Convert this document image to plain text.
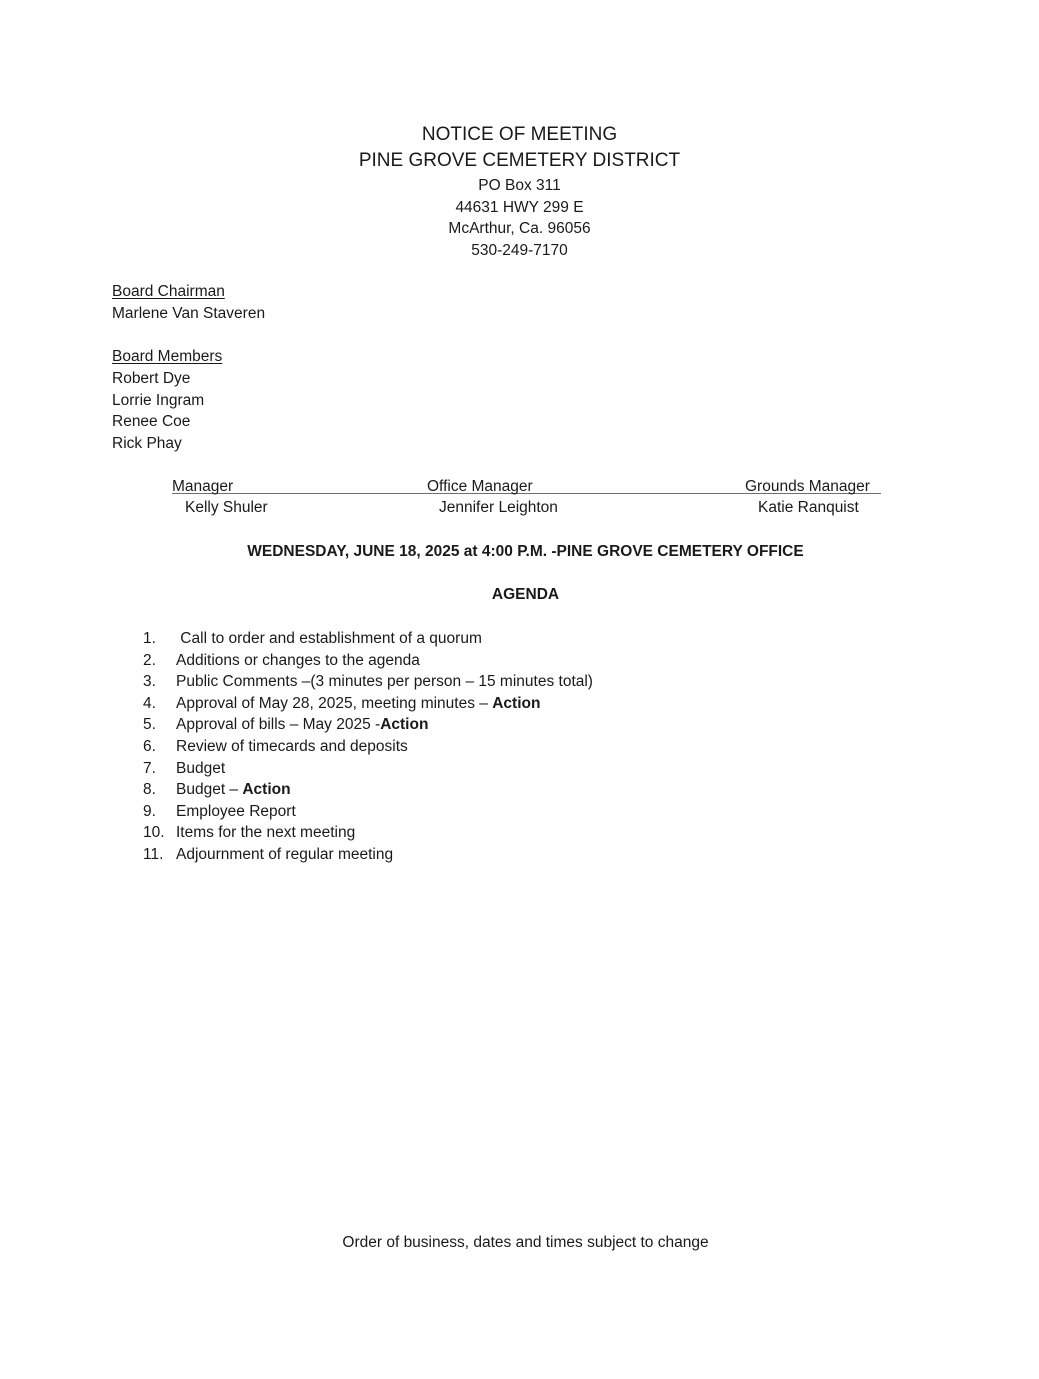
NOTICE OF MEETING
PINE GROVE CEMETERY DISTRICT
PO Box 311
44631 HWY 299 E
McArthur, Ca. 96056
530-249-7170
Board Chairman
Marlene Van Staveren
Board Members
Robert Dye
Lorrie Ingram
Renee Coe
Rick Phay
Manager
Kelly Shuler
Office Manager
Jennifer Leighton
Grounds Manager
Katie Ranquist
WEDNESDAY, JUNE 18, 2025 at 4:00 P.M. -PINE GROVE CEMETERY OFFICE
AGENDA
1. Call to order and establishment of a quorum
2. Additions or changes to the agenda
3. Public Comments –(3 minutes per person – 15 minutes total)
4. Approval of May 28, 2025, meeting minutes – Action
5. Approval of bills – May 2025 -Action
6. Review of timecards and deposits
7. Budget
8. Budget – Action
9. Employee Report
10. Items for the next meeting
11. Adjournment of regular meeting
Order of business, dates and times subject to change
